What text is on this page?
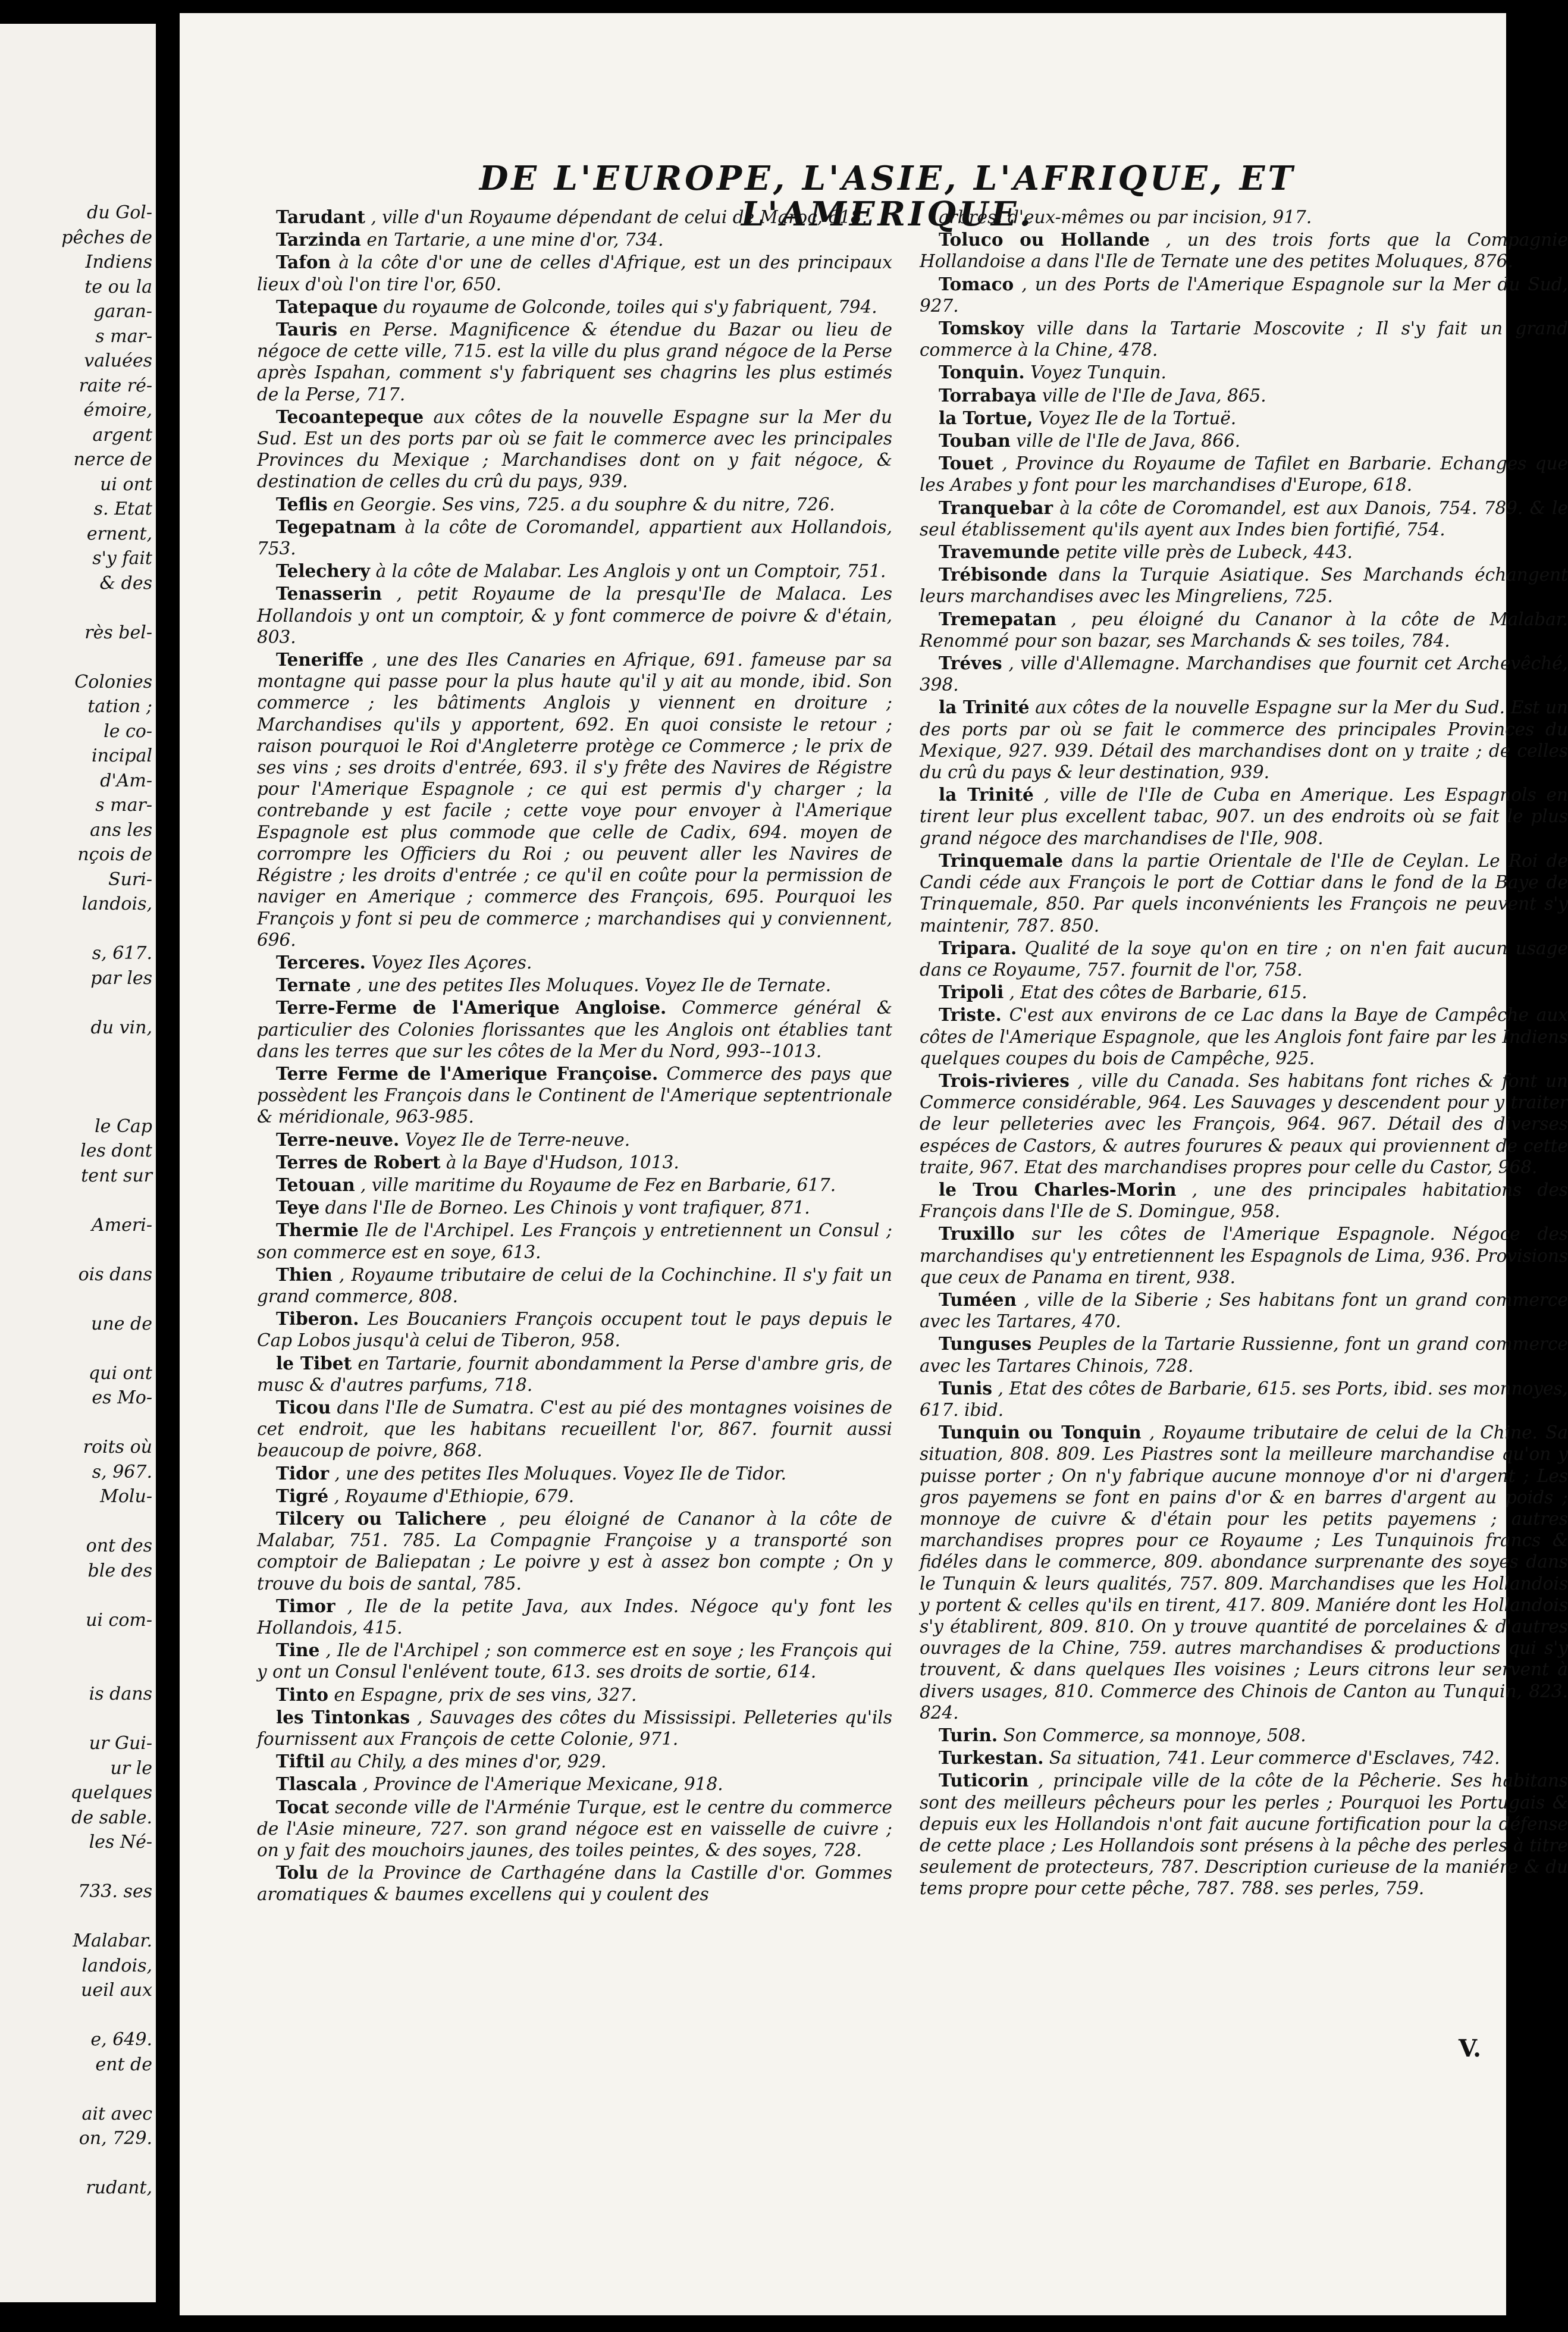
du Gol-
pêches de
Indiens
te ou la
garan-
s mar-
valuées
raite ré-
émoire,
argent
nerce de
ui ont
s. Etat
ernent,
s'y fait
& des
rès bel-
Colonies
tation ;
le co-
incipal
d'Am-
s mar-
ans les
nçois de
Suri-
landois,
s, 617.
par les
du vin,
le Cap
les dont
tent sur
Ameri-
ois dans
une de
qui ont
es Mo-
roits où
s, 967.
Molu-
ont des
ble des
ui com-
is dans
ur Gui-
ur le
quelques
de sable.
les Né-
733. ses
Malabar.
landois,
ueil aux
e, 649.
ent de
ait avec
on, 729.
rudant,
DE L'EUROPE, L'ASIE, L'AFRIQUE, ET L'AMERIQUE.

Tarudant , ville d'un Royaume dépendant de celui de Maroc, 618.

Tarzinda en Tartarie, a une mine d'or, 734.

Tafon à la côte d'or une de celles d'Afrique, est un des principaux lieux d'où l'on tire l'or, 650.

Tatepaque du royaume de Golconde, toiles qui s'y fabriquent, 794.

Tauris en Perse. Magnificence & étendue du Bazar ou lieu de négoce de cette ville, 715. est la ville du plus grand négoce de la Perse après Ispahan, comment s'y fabriquent ses chagrins les plus estimés de la Perse, 717.

Tecoantepeque aux côtes de la nouvelle Espagne sur la Mer du Sud. Est un des ports par où se fait le commerce avec les principales Provinces du Mexique ; Marchandises dont on y fait négoce, & destination de celles du crû du pays, 939.

Teflis en Georgie. Ses vins, 725. a du souphre & du nitre, 726.

Tegepatnam à la côte de Coromandel, appartient aux Hollandois, 753.

Telechery à la côte de Malabar. Les Anglois y ont un Comptoir, 751.

Tenasserin , petit Royaume de la presqu'Ile de Malaca. Les Hollandois y ont un comptoir, & y font commerce de poivre & d'étain, 803.

Teneriffe , une des Iles Canaries en Afrique, 691. fameuse par sa montagne qui passe pour la plus haute qu'il y ait au monde, ibid. Son commerce ; les bâtiments Anglois y viennent en droiture ; Marchandises qu'ils y apportent, 692. En quoi consiste le retour ; raison pourquoi le Roi d'Angleterre protège ce Commerce ; le prix de ses vins ; ses droits d'entrée, 693. il s'y frête des Navires de Régistre pour l'Amerique Espagnole ; ce qui est permis d'y charger ; la contrebande y est facile ; cette voye pour envoyer à l'Amerique Espagnole est plus commode que celle de Cadix, 694. moyen de corrompre les Officiers du Roi ; ou peuvent aller les Navires de Régistre ; les droits d'entrée ; ce qu'il en coûte pour la permission de naviger en Amerique ; commerce des François, 695. Pourquoi les François y font si peu de commerce ; marchandises qui y conviennent, 696.

Terceres. Voyez Iles Açores.

Ternate , une des petites Iles Moluques. Voyez Ile de Ternate.

Terre-Ferme de l'Amerique Angloise. Commerce général & particulier des Colonies florissantes que les Anglois ont établies tant dans les terres que sur les côtes de la Mer du Nord, 993--1013.

Terre Ferme de l'Amerique Françoise. Commerce des pays que possèdent les François dans le Continent de l'Amerique septentrionale & méridionale, 963-985.

Terre-neuve. Voyez Ile de Terre-neuve.

Terres de Robert à la Baye d'Hudson, 1013.

Tetouan , ville maritime du Royaume de Fez en Barbarie, 617.

Teye dans l'Ile de Borneo. Les Chinois y vont trafiquer, 871.

Thermie Ile de l'Archipel. Les François y entretiennent un Consul ; son commerce est en soye, 613.

Thien , Royaume tributaire de celui de la Cochinchine. Il s'y fait un grand commerce, 808.

Tiberon. Les Boucaniers François occupent tout le pays depuis le Cap Lobos jusqu'à celui de Tiberon, 958.

le Tibet en Tartarie, fournit abondamment la Perse d'ambre gris, de musc & d'autres parfums, 718.

Ticou dans l'Ile de Sumatra. C'est au pié des montagnes voisines de cet endroit, que les habitans recueillent l'or, 867. fournit aussi beaucoup de poivre, 868.

Tidor , une des petites Iles Moluques. Voyez Ile de Tidor.

Tigré , Royaume d'Ethiopie, 679.

Tilcery ou Talichere , peu éloigné de Cananor à la côte de Malabar, 751. 785. La Compagnie Françoise y a transporté son comptoir de Baliepatan ; Le poivre y est à assez bon compte ; On y trouve du bois de santal, 785.

Timor , Ile de la petite Java, aux Indes. Négoce qu'y font les Hollandois, 415.

Tine , Ile de l'Archipel ; son commerce est en soye ; les François qui y ont un Consul l'enlévent toute, 613. ses droits de sortie, 614.

Tinto en Espagne, prix de ses vins, 327.

les Tintonkas , Sauvages des côtes du Mississipi. Pelleteries qu'ils fournissent aux François de cette Colonie, 971.

Tiftil au Chily, a des mines d'or, 929.

Tlascala , Province de l'Amerique Mexicane, 918.

Tocat seconde ville de l'Arménie Turque, est le centre du commerce de l'Asie mineure, 727. son grand négoce est en vaisselle de cuivre ; on y fait des mouchoirs jaunes, des toiles peintes, & des soyes, 728.

Tolu de la Province de Carthagéne dans la Castille d'or. Gommes aromatiques & baumes excellens qui y coulent des

arbres, d'eux-mêmes ou par incision, 917.

Toluco ou Hollande , un des trois forts que la Compagnie Hollandoise a dans l'Ile de Ternate une des petites Moluques, 876.

Tomaco , un des Ports de l'Amerique Espagnole sur la Mer du Sud, 927.

Tomskoy ville dans la Tartarie Moscovite ; Il s'y fait un grand commerce à la Chine, 478.

Tonquin. Voyez Tunquin.

Torrabaya ville de l'Ile de Java, 865.

la Tortue, Voyez Ile de la Tortuë.

Touban ville de l'Ile de Java, 866.

Touet , Province du Royaume de Tafilet en Barbarie. Echanges que les Arabes y font pour les marchandises d'Europe, 618.

Tranquebar à la côte de Coromandel, est aux Danois, 754. 789. & le seul établissement qu'ils ayent aux Indes bien fortifié, 754.

Travemunde petite ville près de Lubeck, 443.

Trébisonde dans la Turquie Asiatique. Ses Marchands échangent leurs marchandises avec les Mingreliens, 725.

Tremepatan , peu éloigné du Cananor à la côte de Malabar. Renommé pour son bazar, ses Marchands & ses toiles, 784.

Tréves , ville d'Allemagne. Marchandises que fournit cet Archevêché, 398.

la Trinité aux côtes de la nouvelle Espagne sur la Mer du Sud. Est un des ports par où se fait le commerce des principales Provinces du Mexique, 927. 939. Détail des marchandises dont on y traite ; de celles du crû du pays & leur destination, 939.

la Trinité , ville de l'Ile de Cuba en Amerique. Les Espagnols en tirent leur plus excellent tabac, 907. un des endroits où se fait le plus grand négoce des marchandises de l'Ile, 908.

Trinquemale dans la partie Orientale de l'Ile de Ceylan. Le Roi de Candi céde aux François le port de Cottiar dans le fond de la Baye de Trinquemale, 850. Par quels inconvénients les François ne peuvent s'y maintenir, 787. 850.

Tripara. Qualité de la soye qu'on en tire ; on n'en fait aucun usage dans ce Royaume, 757. fournit de l'or, 758.

Tripoli , Etat des côtes de Barbarie, 615.

Triste. C'est aux environs de ce Lac dans la Baye de Campêche aux côtes de l'Amerique Espagnole, que les Anglois font faire par les Indiens quelques coupes du bois de Campêche, 925.

Trois-rivieres , ville du Canada. Ses habitans font riches & font un Commerce considérable, 964. Les Sauvages y descendent pour y traiter de leur pelleteries avec les François, 964. 967. Détail des diverses espéces de Castors, & autres fourures & peaux qui proviennent de cette traite, 967. Etat des marchandises propres pour celle du Castor, 968.

le Trou Charles-Morin , une des principales habitations des François dans l'Ile de S. Domingue, 958.

Truxillo sur les côtes de l'Amerique Espagnole. Négoce des marchandises qu'y entretiennent les Espagnols de Lima, 936. Provisions que ceux de Panama en tirent, 938.

Tuméen , ville de la Siberie ; Ses habitans font un grand commerce avec les Tartares, 470.

Tunguses Peuples de la Tartarie Russienne, font un grand commerce avec les Tartares Chinois, 728.

Tunis , Etat des côtes de Barbarie, 615. ses Ports, ibid. ses monnoyes, 617. ibid.

Tunquin ou Tonquin , Royaume tributaire de celui de la Chine. Sa situation, 808. 809. Les Piastres sont la meilleure marchandise qu'on y puisse porter ; On n'y fabrique aucune monnoye d'or ni d'argent ; Les gros payemens se font en pains d'or & en barres d'argent au poids ; monnoye de cuivre & d'étain pour les petits payemens ; autres marchandises propres pour ce Royaume ; Les Tunquinois francs & fidéles dans le commerce, 809. abondance surprenante des soyes dans le Tunquin & leurs qualités, 757. 809. Marchandises que les Hollandois y portent & celles qu'ils en tirent, 417. 809. Maniére dont les Hollandois s'y établirent, 809. 810. On y trouve quantité de porcelaines & d'autres ouvrages de la Chine, 759. autres marchandises & productions qui s'y trouvent, & dans quelques Iles voisines ; Leurs citrons leur servent à divers usages, 810. Commerce des Chinois de Canton au Tunquin, 823. 824.

Turin. Son Commerce, sa monnoye, 508.

Turkestan. Sa situation, 741. Leur commerce d'Esclaves, 742.

Tuticorin , principale ville de la côte de la Pêcherie. Ses habitans sont des meilleurs pêcheurs pour les perles ; Pourquoi les Portugais & depuis eux les Hollandois n'ont fait aucune fortification pour la défense de cette place ; Les Hollandois sont présens à la pêche des perles à titre seulement de protecteurs, 787. Description curieuse de la maniére & du tems propre pour cette pêche, 787. 788. ses perles, 759.

V.
